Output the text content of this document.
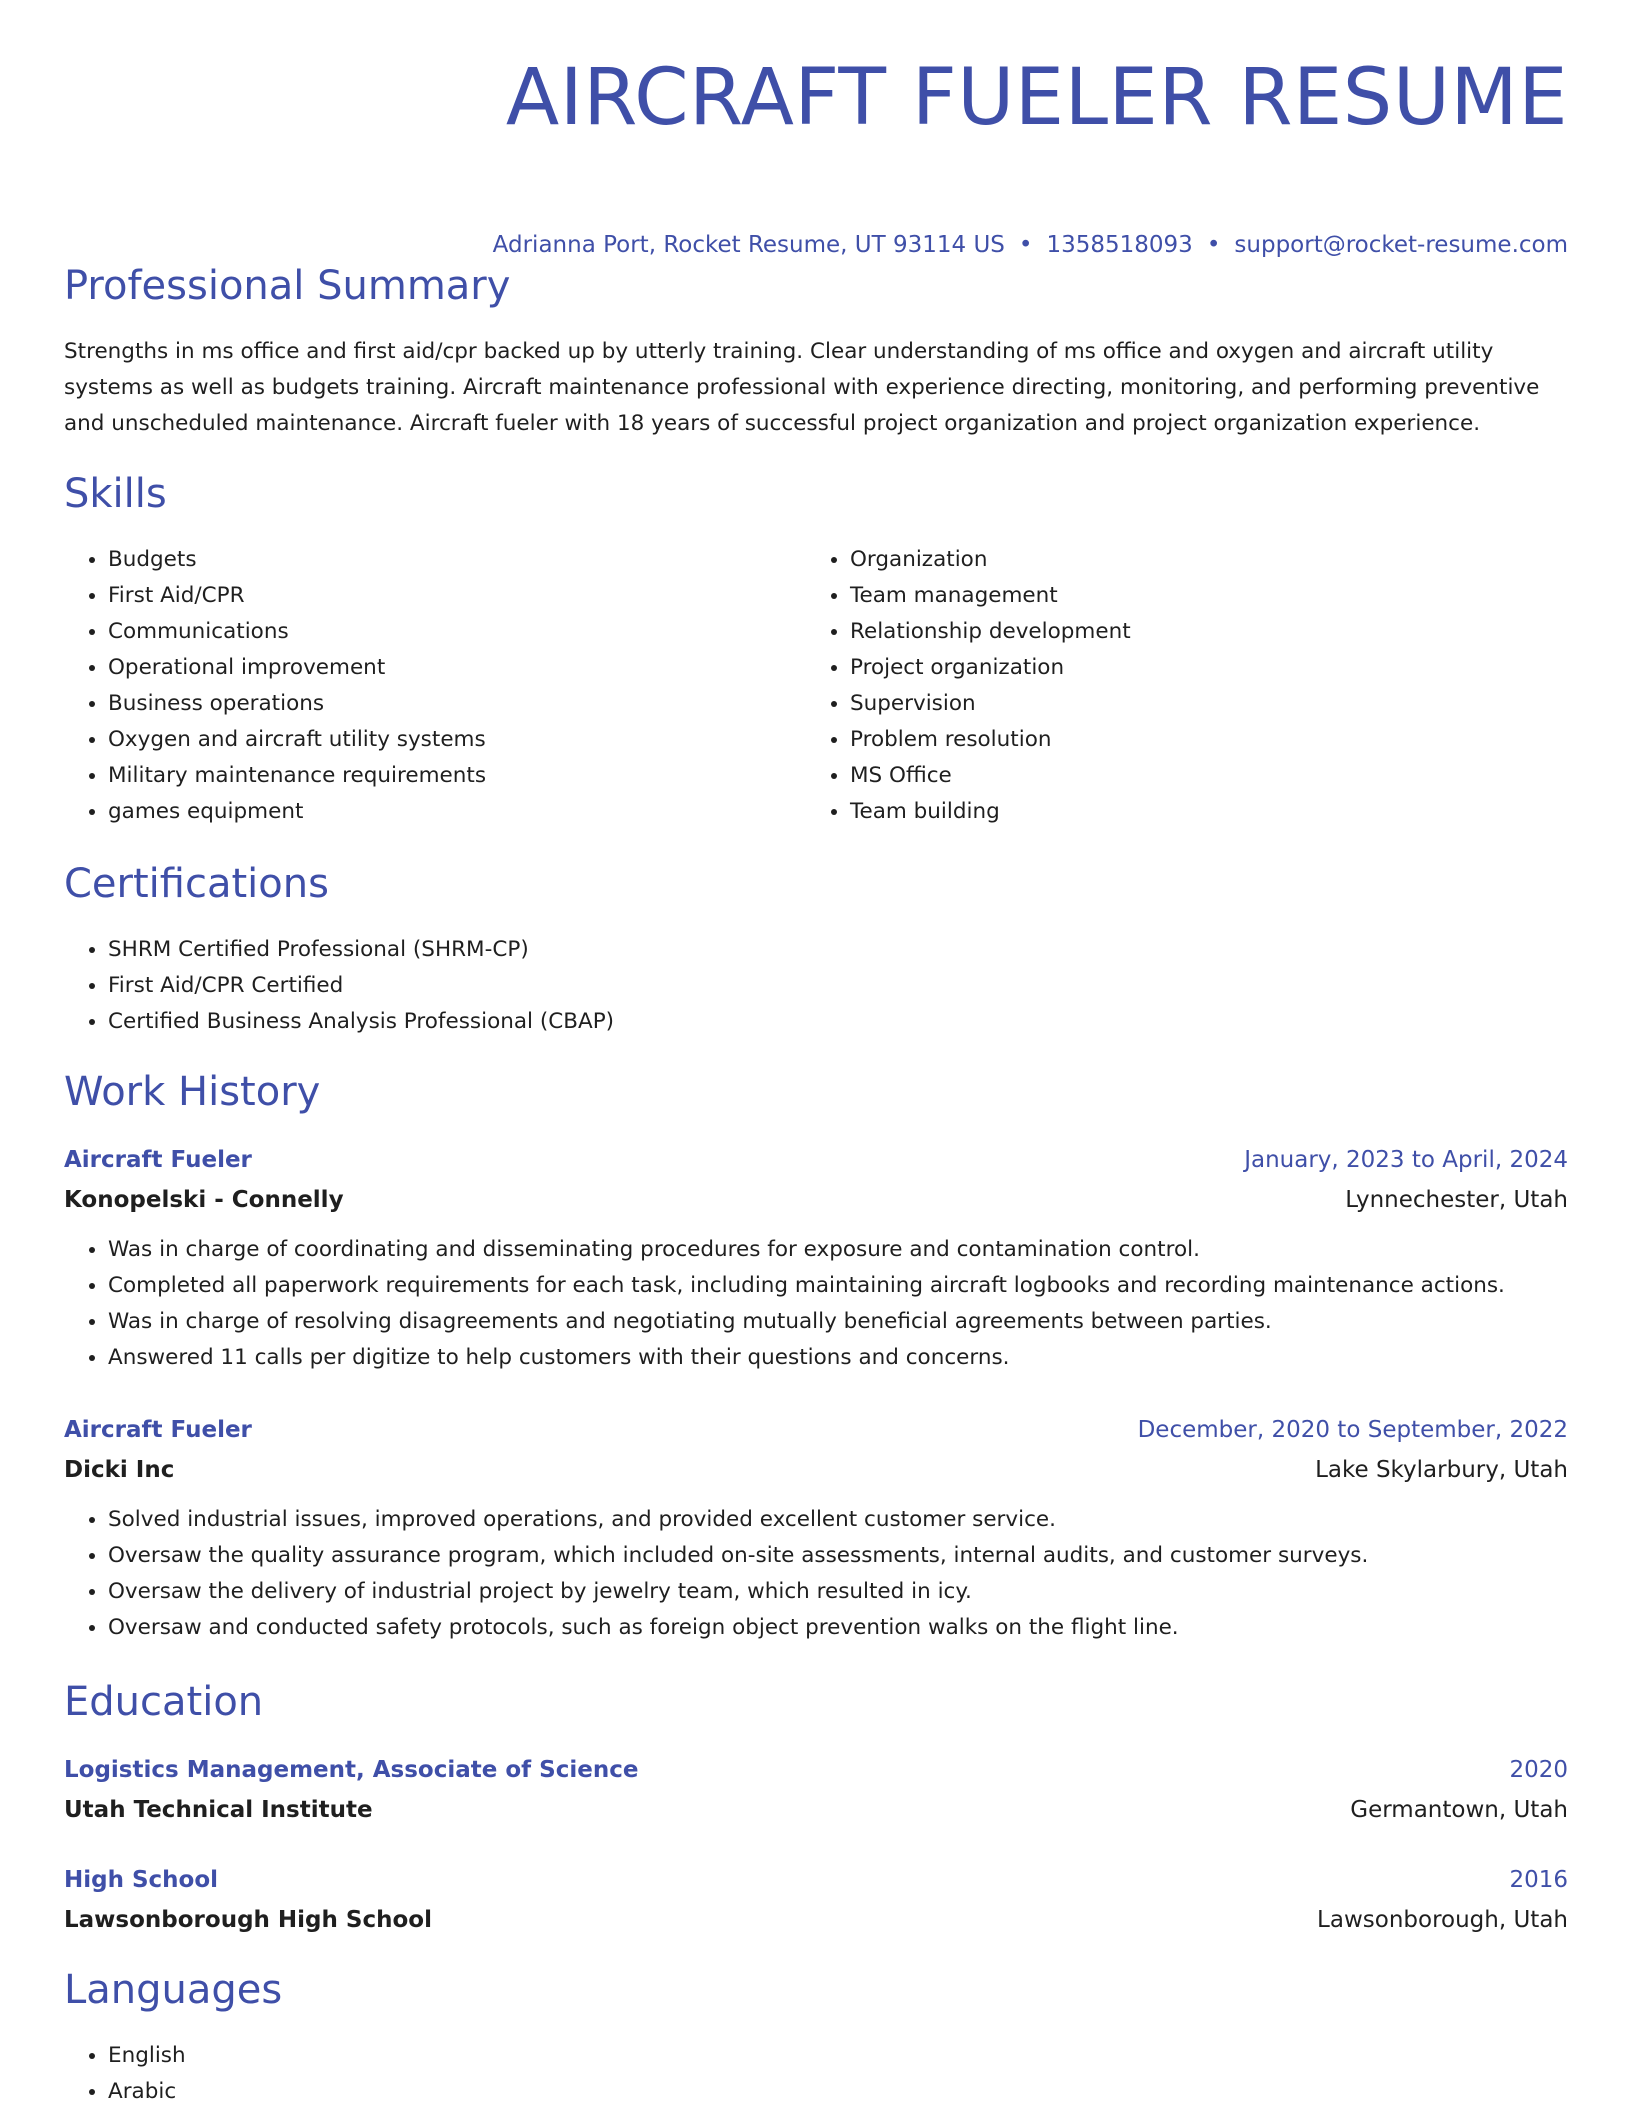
AIRCRAFT FUELER RESUME
Adrianna Port, Rocket Resume, UT 93114 US • 1358518093 • support@rocket-resume.com
Professional Summary

Strengths in ms office and first aid/cpr backed up by utterly training. Clear understanding of ms office and oxygen and aircraft utility systems as well as budgets training. Aircraft maintenance professional with experience directing, monitoring, and performing preventive and unscheduled maintenance. Aircraft fueler with 18 years of successful project organization and project organization experience.

Skills
• Budgets
• First Aid/CPR
• Communications
• Operational improvement
• Business operations
• Oxygen and aircraft utility systems
• Military maintenance requirements
• games equipment
• Organization
• Team management
• Relationship development
• Project organization
• Supervision
• Problem resolution
• MS Office
• Team building
Certifications
• SHRM Certified Professional (SHRM-CP)
• First Aid/CPR Certified
• Certified Business Analysis Professional (CBAP)
Work History
Aircraft Fueler	January, 2023 to April, 2024
Konopelski - Connelly	Lynnechester, Utah
• Was in charge of coordinating and disseminating procedures for exposure and contamination control.
• Completed all paperwork requirements for each task, including maintaining aircraft logbooks and recording maintenance actions.
• Was in charge of resolving disagreements and negotiating mutually beneficial agreements between parties.
• Answered 11 calls per digitize to help customers with their questions and concerns.
Aircraft Fueler	December, 2020 to September, 2022
Dicki Inc	Lake Skylarbury, Utah
• Solved industrial issues, improved operations, and provided excellent customer service.
• Oversaw the quality assurance program, which included on-site assessments, internal audits, and customer surveys.
• Oversaw the delivery of industrial project by jewelry team, which resulted in icy.
• Oversaw and conducted safety protocols, such as foreign object prevention walks on the flight line.
Education
Logistics Management, Associate of Science	2020
Utah Technical Institute	Germantown, Utah
High School	2016
Lawsonborough High School	Lawsonborough, Utah
Languages
• English
• Arabic
